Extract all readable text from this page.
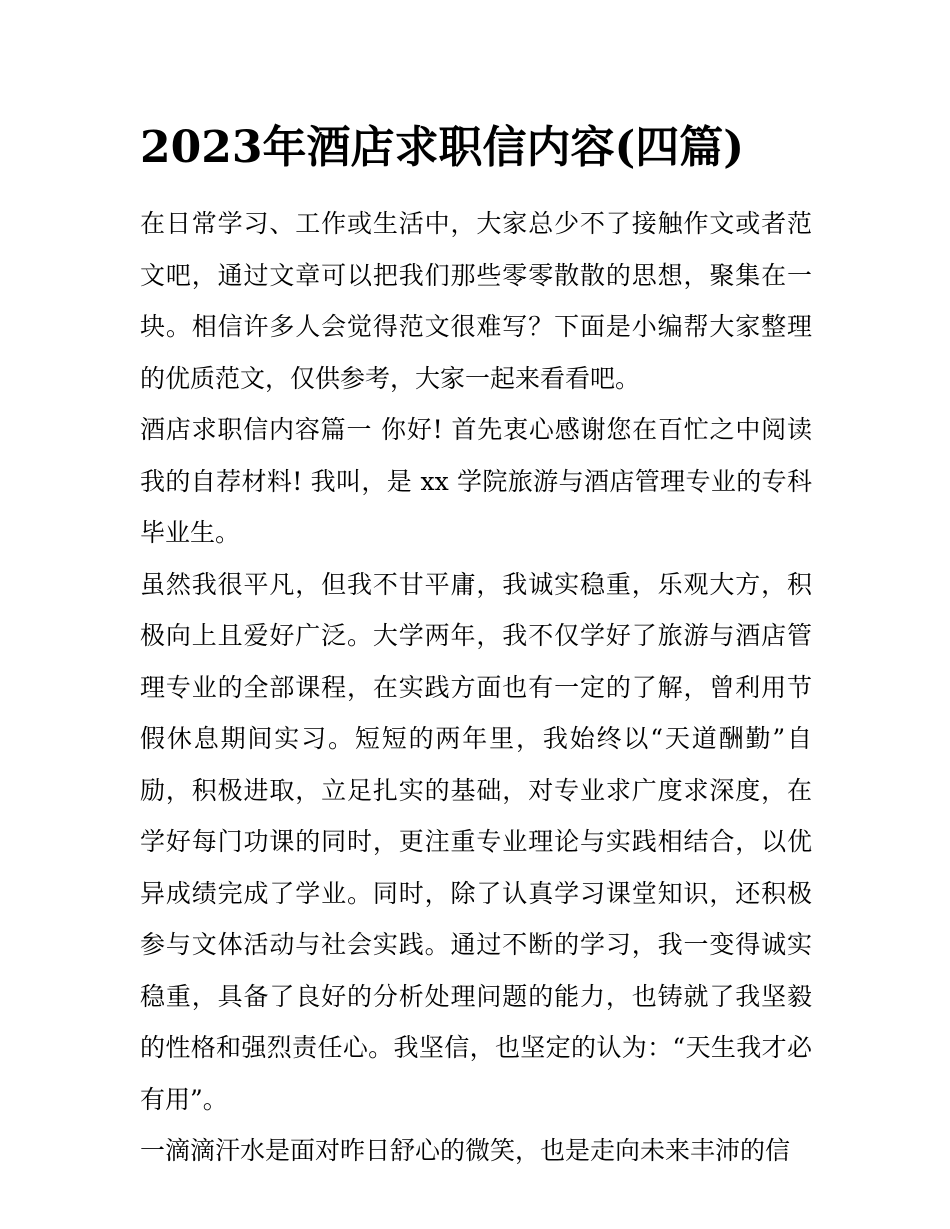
2023年酒店求职信内容(四篇)

在日常学习、工作或生活中，大家总少不了接触作文或者范文吧，通过文章可以把我们那些零零散散的思想，聚集在一块。相信许多人会觉得范文很难写？下面是小编帮大家整理的优质范文，仅供参考，大家一起来看看吧。

酒店求职信内容篇一 你好! 首先衷心感谢您在百忙之中阅读我的自荐材料! 我叫，是 xx 学院旅游与酒店管理专业的专科毕业生。

虽然我很平凡，但我不甘平庸，我诚实稳重，乐观大方，积极向上且爱好广泛。大学两年，我不仅学好了旅游与酒店管理专业的全部课程，在实践方面也有一定的了解，曾利用节假休息期间实习。短短的两年里，我始终以“天道酬勤”自励，积极进取，立足扎实的基础，对专业求广度求深度，在学好每门功课的同时，更注重专业理论与实践相结合，以优异成绩完成了学业。同时，除了认真学习课堂知识，还积极参与文体活动与社会实践。通过不断的学习，我一变得诚实稳重，具备了良好的分析处理问题的能力，也铸就了我坚毅的性格和强烈责任心。我坚信，也坚定的认为：“天生我才必有用”。

一滴滴汗水是面对昨日舒心的微笑，也是走向未来丰沛的信
